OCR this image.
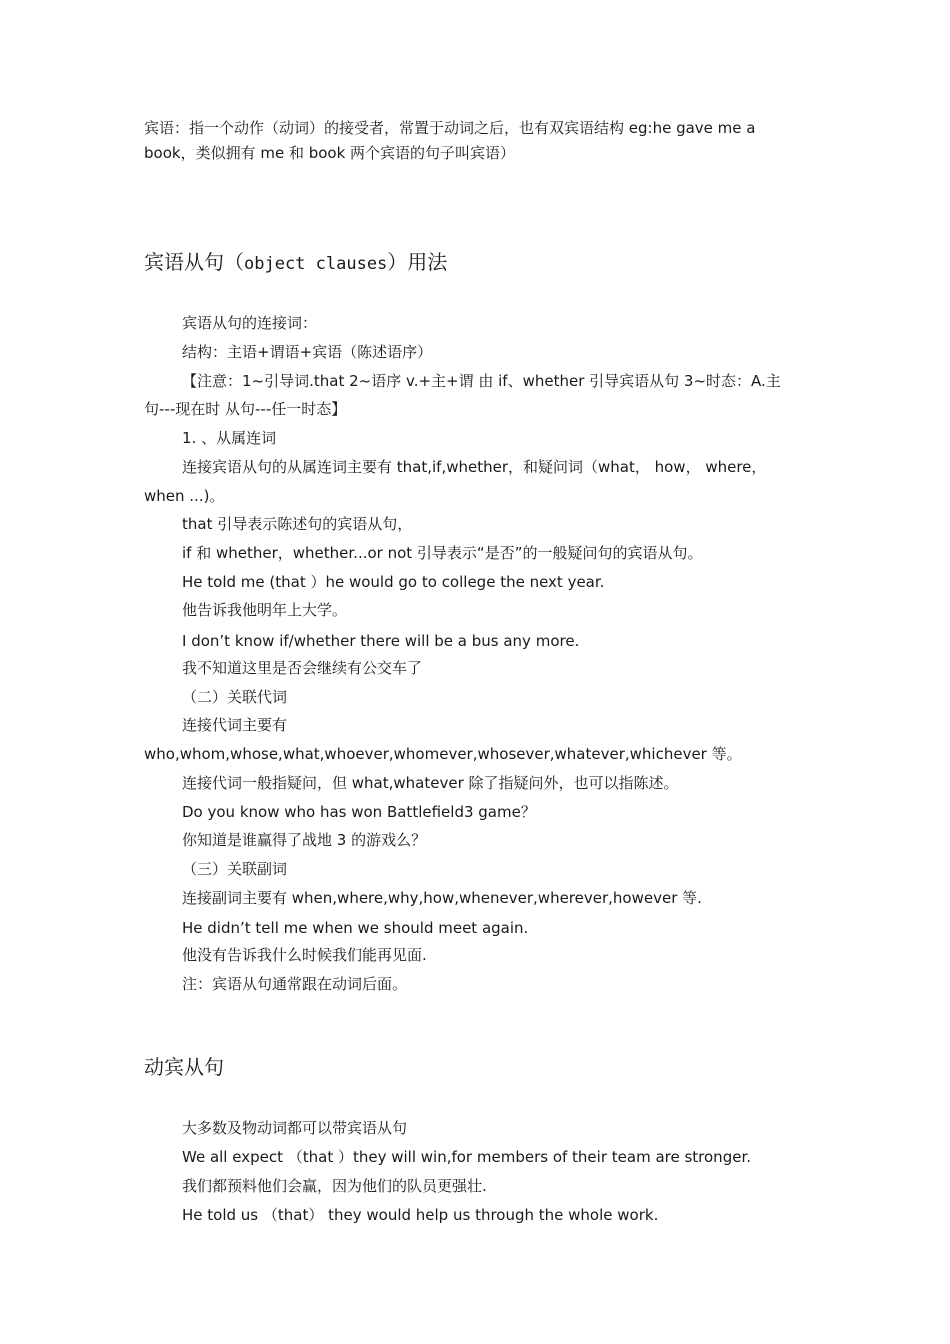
宾语：指一个动作（动词）的接受者，常置于动词之后，也有双宾语结构 eg:he gave me a
book，类似拥有 me 和 book 两个宾语的句子叫宾语）
宾语从句（object clauses）用法
宾语从句的连接词：
结构：主语+谓语+宾语（陈述语序）
【注意：1~引导词.that 2~语序 v.+主+谓 由 if、whether 引导宾语从句 3~时态：A.主
句---现在时 从句---任一时态】
1. 、从属连词
连接宾语从句的从属连词主要有 that,if,whether，和疑问词（what， how， where，
when ...)。
that 引导表示陈述句的宾语从句，
if 和 whether，whether...or not 引导表示“是否”的一般疑问句的宾语从句。
He told me (that ）he would go to college the next year.
他告诉我他明年上大学。
I don’t know if/whether there will be a bus any more.
我不知道这里是否会继续有公交车了
（二）关联代词
连接代词主要有
who,whom,whose,what,whoever,whomever,whosever,whatever,whichever 等。
连接代词一般指疑问，但 what,whatever 除了指疑问外，也可以指陈述。
Do you know who has won Battlefield3 game？
你知道是谁赢得了战地 3 的游戏么？
（三）关联副词
连接副词主要有 when,where,why,how,whenever,wherever,however 等.
He didn’t tell me when we should meet again.
他没有告诉我什么时候我们能再见面.
注：宾语从句通常跟在动词后面。
动宾从句
大多数及物动词都可以带宾语从句
We all expect （that ）they will win,for members of their team are stronger.
我们都预料他们会赢，因为他们的队员更强壮.
He told us （that） they would help us through the whole work.
